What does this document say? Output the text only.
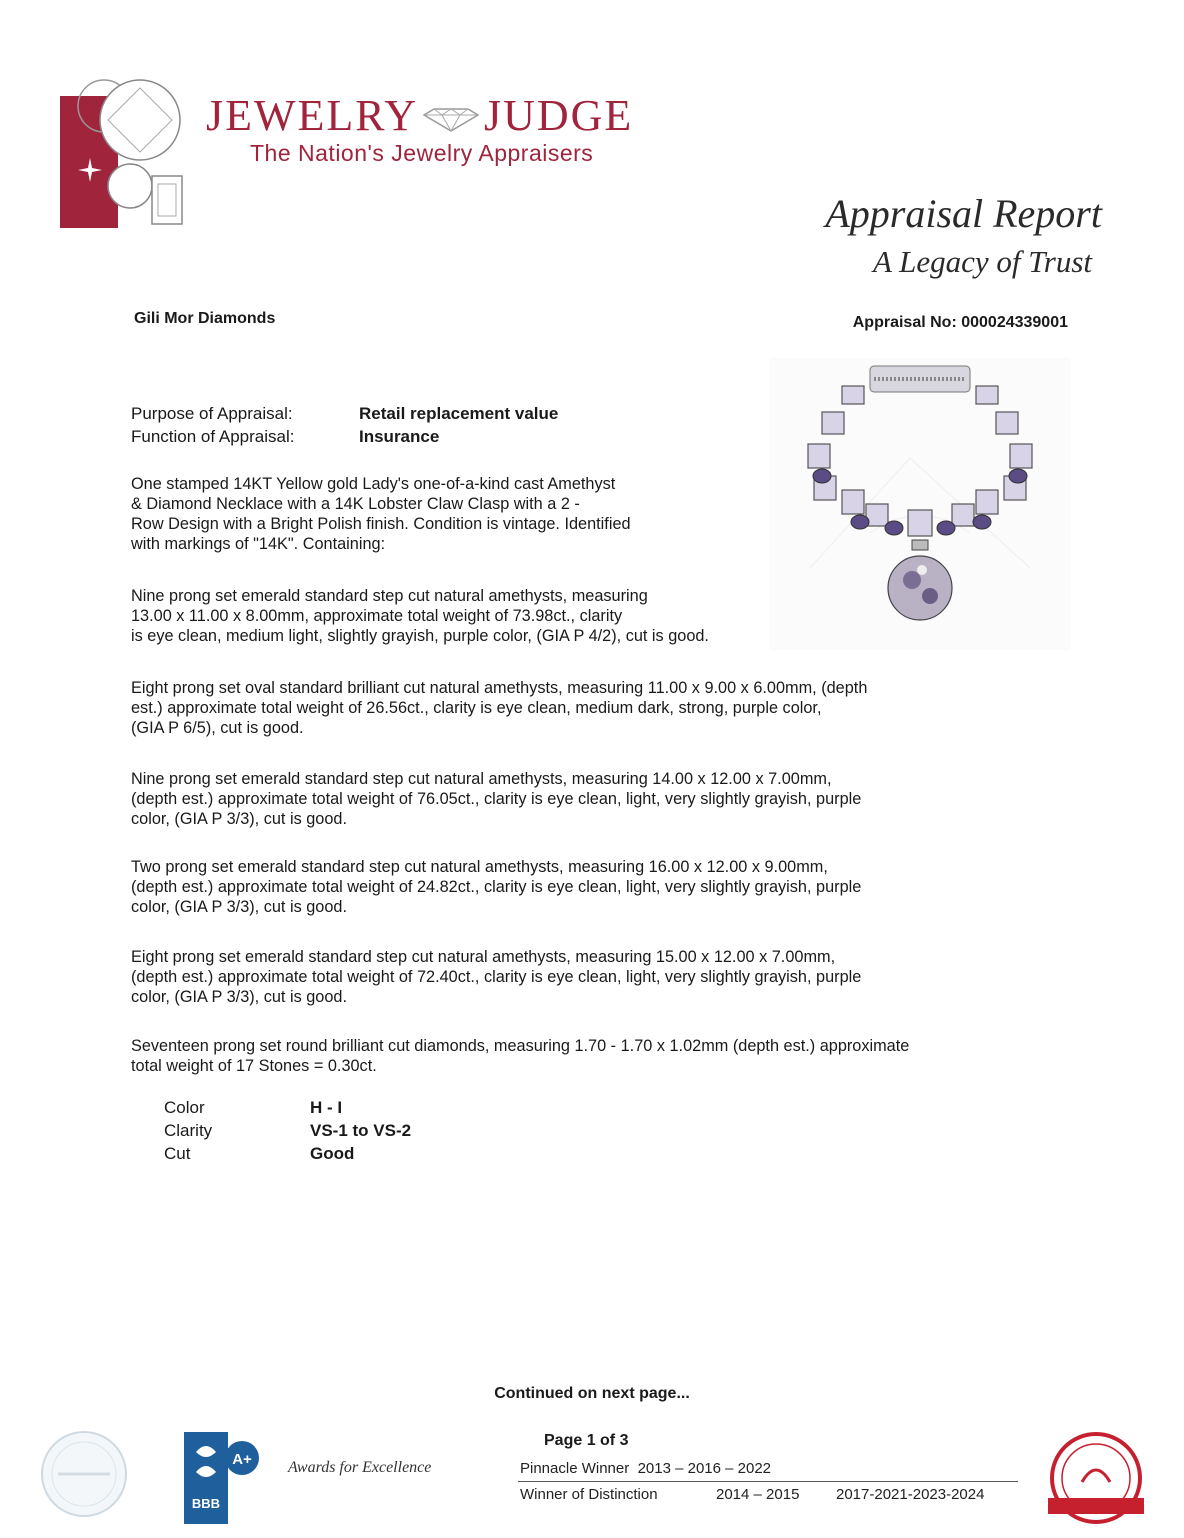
JEWELRY JUDGE
The Nation's Jewelry Appraisers
Appraisal Report
A Legacy of Trust
Gili Mor Diamonds	Appraisal No: 000024339001
Purpose of Appraisal:	Retail replacement value
Function of Appraisal:	Insurance
One stamped 14KT Yellow gold Lady's one-of-a-kind cast Amethyst
& Diamond Necklace with a 14K Lobster Claw Clasp with a 2 -
Row Design with a Bright Polish finish. Condition is vintage. Identified
with markings of "14K". Containing:
Nine prong set emerald standard step cut natural amethysts, measuring
13.00 x 11.00 x 8.00mm, approximate total weight of 73.98ct., clarity
is eye clean, medium light, slightly grayish, purple color, (GIA P 4/2), cut is good.
Eight prong set oval standard brilliant cut natural amethysts, measuring 11.00 x 9.00 x 6.00mm, (depth
est.) approximate total weight of 26.56ct., clarity is eye clean, medium dark, strong, purple color,
(GIA P 6/5), cut is good.
Nine prong set emerald standard step cut natural amethysts, measuring 14.00 x 12.00 x 7.00mm,
(depth est.) approximate total weight of 76.05ct., clarity is eye clean, light, very slightly grayish, purple
color, (GIA P 3/3), cut is good.
Two prong set emerald standard step cut natural amethysts, measuring 16.00 x 12.00 x 9.00mm,
(depth est.) approximate total weight of 24.82ct., clarity is eye clean, light, very slightly grayish, purple
color, (GIA P 3/3), cut is good.
Eight prong set emerald standard step cut natural amethysts, measuring 15.00 x 12.00 x 7.00mm,
(depth est.) approximate total weight of 72.40ct., clarity is eye clean, light, very slightly grayish, purple
color, (GIA P 3/3), cut is good.
Seventeen prong set round brilliant cut diamonds, measuring 1.70 - 1.70 x 1.02mm (depth est.) approximate
total weight of 17 Stones = 0.30ct.
Color	H - I
Clarity	VS-1 to VS-2
Cut	Good
Continued on next page...
Page 1 of 3
BBB
A+ Awards for Excellence	Pinnacle Winner 2013 – 2016 – 2022
Winner of Distinction	2014 – 2015 2017-2021-2023-2024
